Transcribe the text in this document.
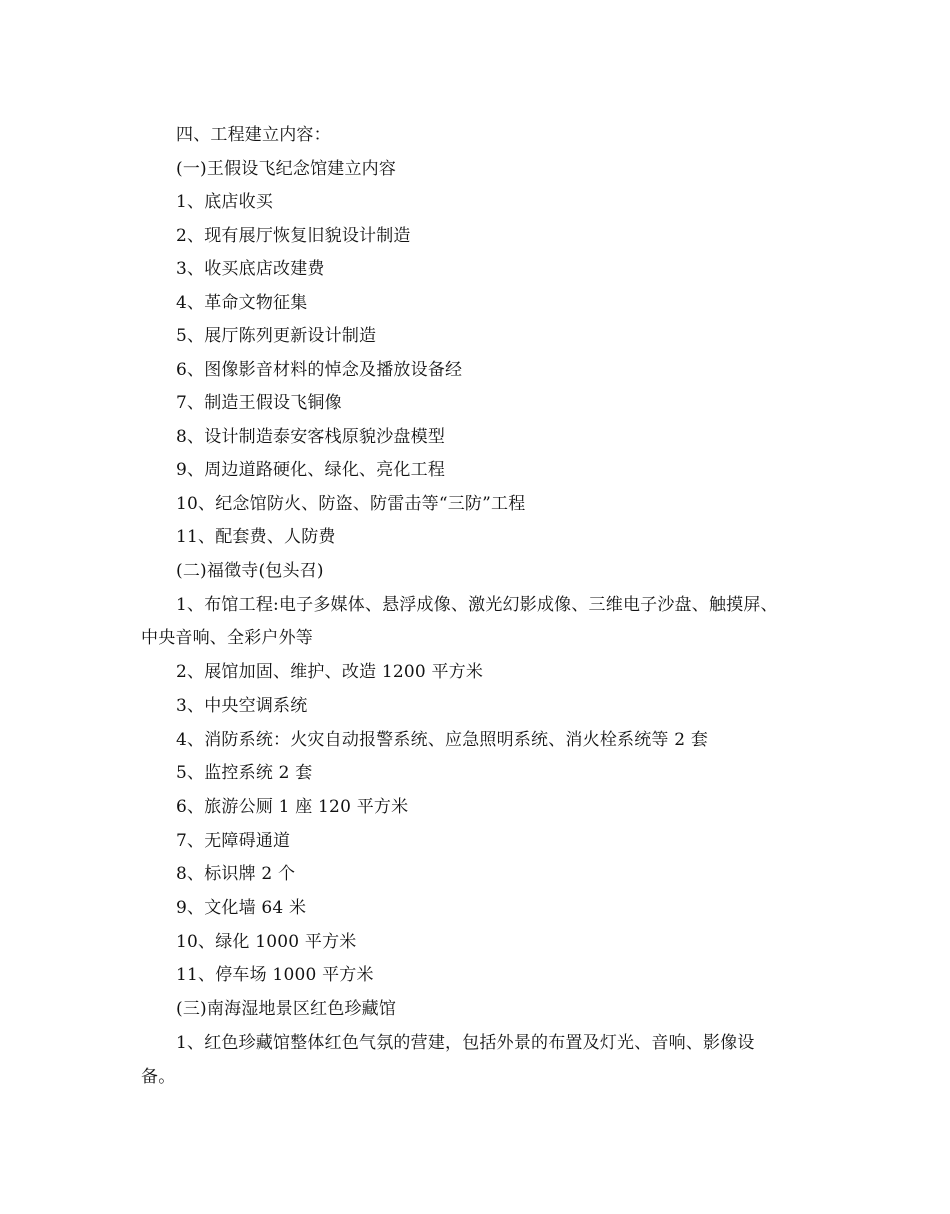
四、工程建立内容：
(一)王假设飞纪念馆建立内容
1、底店收买
2、现有展厅恢复旧貌设计制造
3、收买底店改建费
4、革命文物征集
5、展厅陈列更新设计制造
6、图像影音材料的悼念及播放设备经
7、制造王假设飞铜像
8、设计制造泰安客栈原貌沙盘模型
9、周边道路硬化、绿化、亮化工程
10、纪念馆防火、防盗、防雷击等“三防”工程
11、配套费、人防费
(二)福徵寺(包头召)
1、布馆工程:电子多媒体、悬浮成像、激光幻影成像、三维电子沙盘、触摸屏、
中央音响、全彩户外等
2、展馆加固、维护、改造 1200 平方米
3、中央空调系统
4、消防系统：火灾自动报警系统、应急照明系统、消火栓系统等 2 套
5、监控系统 2 套
6、旅游公厕 1 座 120 平方米
7、无障碍通道
8、标识牌 2 个
9、文化墙 64 米
10、绿化 1000 平方米
11、停车场 1000 平方米
(三)南海湿地景区红色珍藏馆
1、红色珍藏馆整体红色气氛的营建，包括外景的布置及灯光、音响、影像设
备。
